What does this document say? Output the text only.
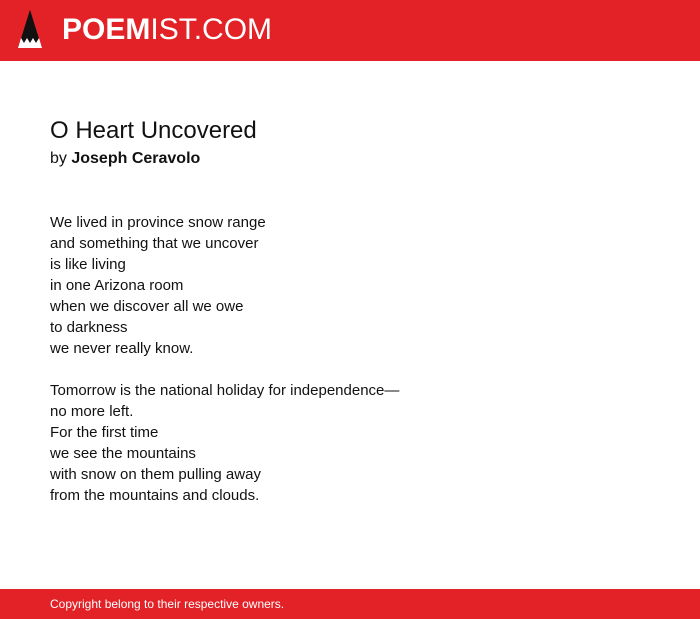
POEMIST.COM
O Heart Uncovered
by Joseph Ceravolo
We lived in province snow range
and something that we uncover
is like living
in one Arizona room
when we discover all we owe
to darkness
we never really know.
Tomorrow is the national holiday for independence—
no more left.
For the first time
we see the mountains
with snow on them pulling away
from the mountains and clouds.
Copyright belong to their respective owners.
